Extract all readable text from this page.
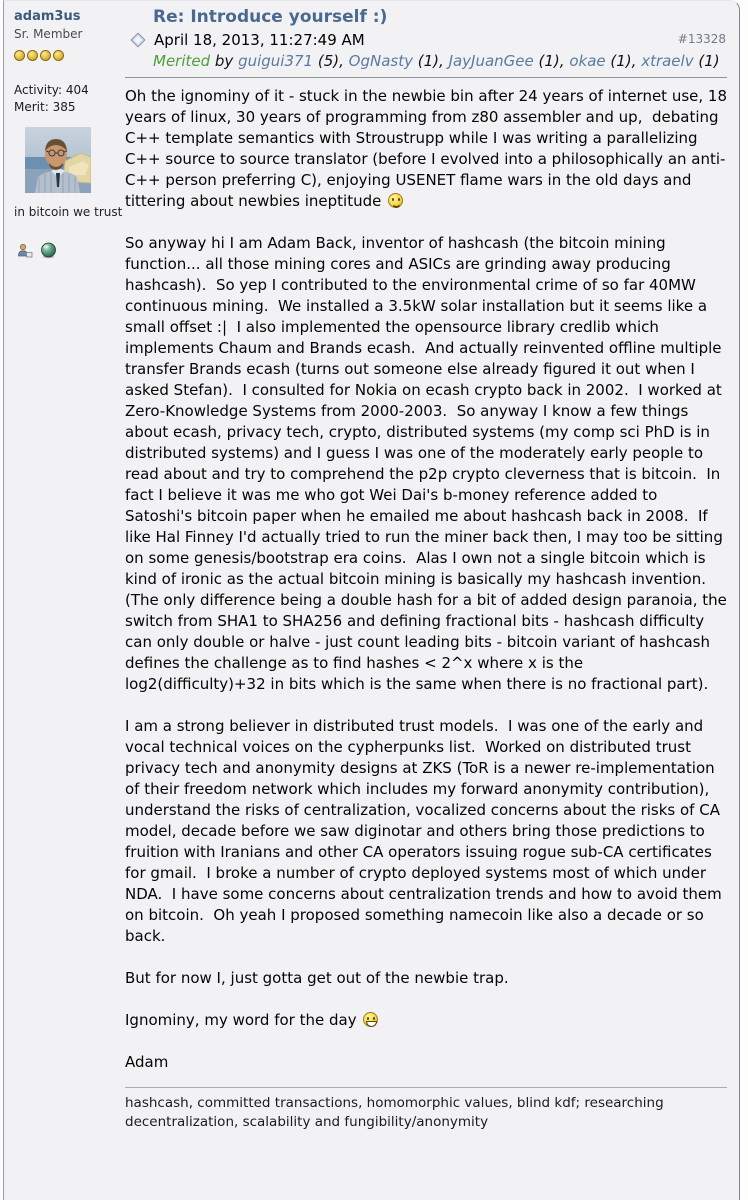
adam3us
Sr. Member
Activity: 404
Merit: 385
in bitcoin we trust
#13328
Re: Introduce yourself :)
April 18, 2013, 11:27:49 AM
Merited by guigui371 (5), OgNasty (1), JayJuanGee (1), okae (1), xtraelv (1)
Oh the ignominy of it - stuck in the newbie bin after 24 years of internet use, 18 years of linux, 30 years of programming from z80 assembler and up,  debating C++ template semantics with Stroustrupp while I was writing a parallelizing C++ source to source translator (before I evolved into a philosophically an anti-C++ person preferring C), enjoying USENET flame wars in the old days and tittering about newbies ineptitude
So anyway hi I am Adam Back, inventor of hashcash (the bitcoin mining function... all those mining cores and ASICs are grinding away producing hashcash).  So yep I contributed to the environmental crime of so far 40MW continuous mining.  We installed a 3.5kW solar installation but it seems like a small offset :|  I also implemented the opensource library credlib which implements Chaum and Brands ecash.  And actually reinvented offline multiple transfer Brands ecash (turns out someone else already figured it out when I asked Stefan).  I consulted for Nokia on ecash crypto back in 2002.  I worked at Zero-Knowledge Systems from 2000-2003.  So anyway I know a few things about ecash, privacy tech, crypto, distributed systems (my comp sci PhD is in distributed systems) and I guess I was one of the moderately early people to read about and try to comprehend the p2p crypto cleverness that is bitcoin.  In fact I believe it was me who got Wei Dai's b-money reference added to Satoshi's bitcoin paper when he emailed me about hashcash back in 2008.  If like Hal Finney I'd actually tried to run the miner back then, I may too be sitting on some genesis/bootstrap era coins.  Alas I own not a single bitcoin which is kind of ironic as the actual bitcoin mining is basically my hashcash invention.  (The only difference being a double hash for a bit of added design paranoia, the switch from SHA1 to SHA256 and defining fractional bits - hashcash difficulty can only double or halve - just count leading bits - bitcoin variant of hashcash defines the challenge as to find hashes < 2^x where x is the log2(difficulty)+32 in bits which is the same when there is no fractional part).
I am a strong believer in distributed trust models.  I was one of the early and vocal technical voices on the cypherpunks list.  Worked on distributed trust privacy tech and anonymity designs at ZKS (ToR is a newer re-implementation of their freedom network which includes my forward anonymity contribution), understand the risks of centralization, vocalized concerns about the risks of CA model, decade before we saw diginotar and others bring those predictions to fruition with Iranians and other CA operators issuing rogue sub-CA certificates for gmail.  I broke a number of crypto deployed systems most of which under NDA.  I have some concerns about centralization trends and how to avoid them on bitcoin.  Oh yeah I proposed something namecoin like also a decade or so back.
But for now I, just gotta get out of the newbie trap.
Ignominy, my word for the day
Adam
hashcash, committed transactions, homomorphic values, blind kdf; researching decentralization, scalability and fungibility/anonymity
